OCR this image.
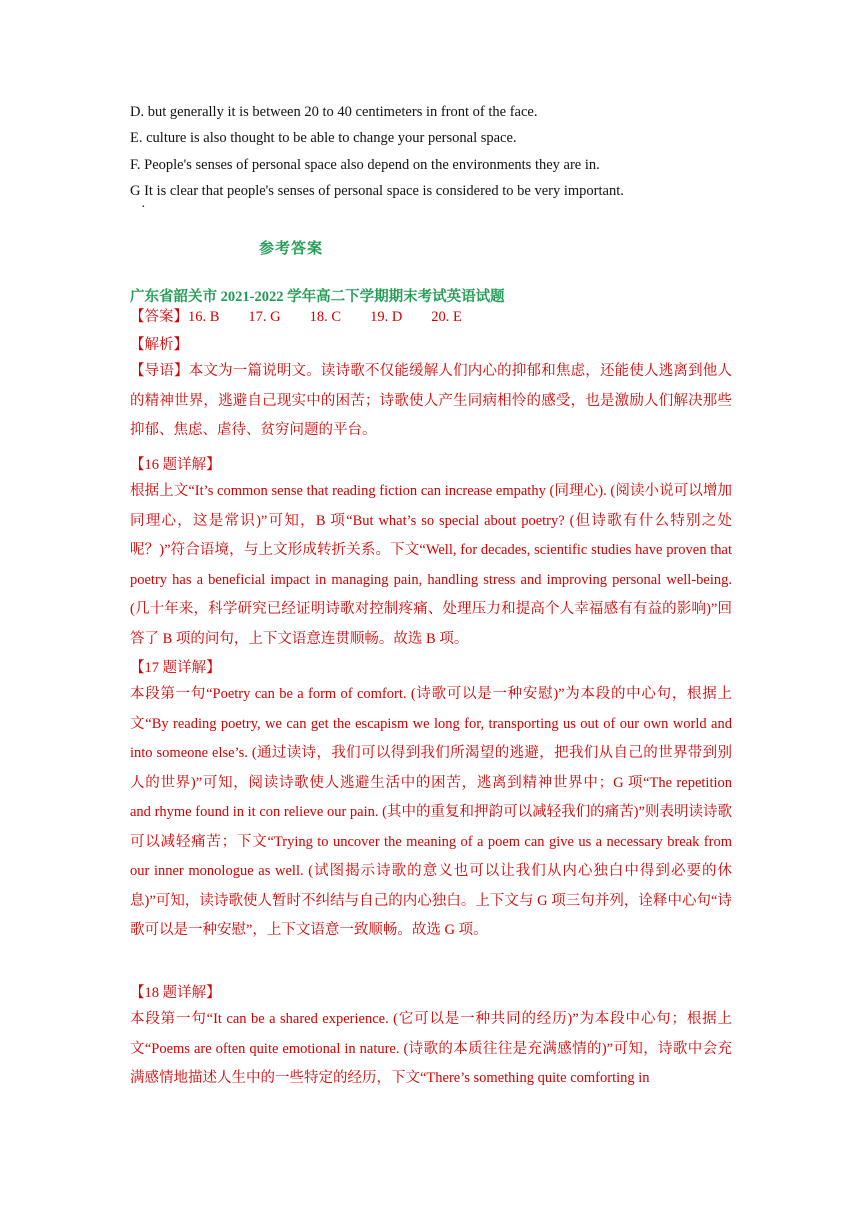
D. but generally it is between 20 to 40 centimeters in front of the face.
E. culture is also thought to be able to change your personal space.
F. People's senses of personal space also depend on the environments they are in.
G It is clear that people's senses of personal space is considered to be very important.
·
参考答案
广东省韶关市 2021-2022 学年高二下学期期末考试英语试题
【答案】16. B        17. G        18. C        19. D        20. E
【解析】
【导语】本文为一篇说明文。读诗歌不仅能缓解人们内心的抑郁和焦虑，还能使人逃离到他人的精神世界，逃避自己现实中的困苦；诗歌使人产生同病相怜的感受，也是激励人们解决那些抑郁、焦虑、虐待、贫穷问题的平台。
【16 题详解】
根据上文“It’s common sense that reading fiction can increase empathy (同理心). (阅读小说可以增加同理心，这是常识)”可知，B 项“But what’s so special about poetry? (但诗歌有什么特别之处呢？)”符合语境，与上文形成转折关系。下文“Well, for decades, scientific studies have proven that poetry has a beneficial impact in managing pain, handling stress and improving personal well-being. (几十年来，科学研究已经证明诗歌对控制疼痛、处理压力和提高个人幸福感有有益的影响)”回答了 B 项的问句，上下文语意连贯顺畅。故选 B 项。
【17 题详解】
本段第一句“Poetry can be a form of comfort. (诗歌可以是一种安慰)”为本段的中心句，根据上文“By reading poetry, we can get the escapism we long for, transporting us out of our own world and into someone else’s. (通过读诗，我们可以得到我们所渴望的逃避，把我们从自己的世界带到别人的世界)”可知，阅读诗歌使人逃避生活中的困苦，逃离到精神世界中；G 项“The repetition and rhyme found in it con relieve our pain. (其中的重复和押韵可以减轻我们的痛苦)”则表明读诗歌可以减轻痛苦；下文“Trying to uncover the meaning of a poem can give us a necessary break from our inner monologue as well. (试图揭示诗歌的意义也可以让我们从内心独白中得到必要的休息)”可知，读诗歌使人暂时不纠结与自己的内心独白。上下文与 G 项三句并列，诠释中心句“诗歌可以是一种安慰”，上下文语意一致顺畅。故选 G 项。
【18 题详解】
本段第一句“It can be a shared experience. (它可以是一种共同的经历)”为本段中心句；根据上文“Poems are often quite emotional in nature. (诗歌的本质往往是充满感情的)”可知，诗歌中会充满感情地描述人生中的一些特定的经历，下文“There’s something quite comforting in
